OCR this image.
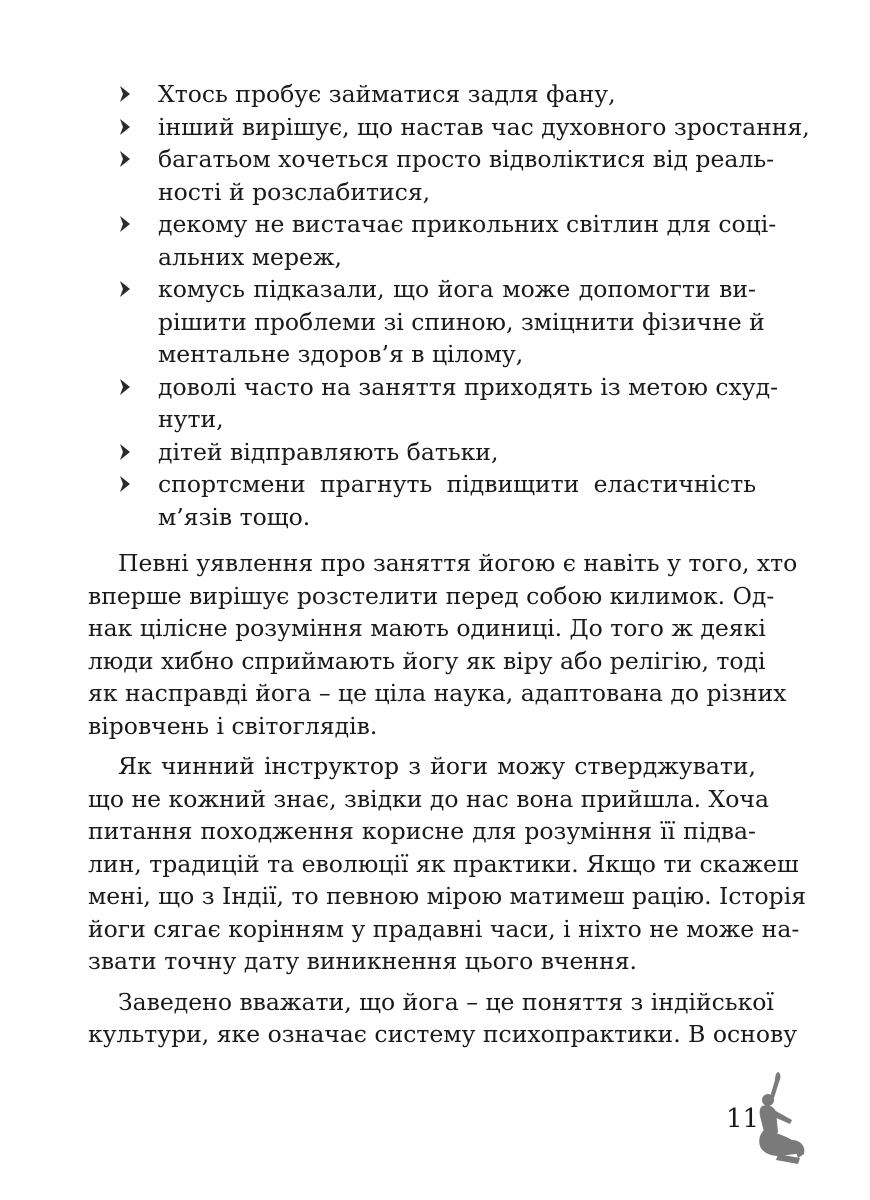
Хтось пробує займатися задля фану,
інший вирішує, що настав час духовного зростання,
багатьом хочеться просто відволіктися від реаль-
ності й розслабитися,
декому не вистачає прикольних світлин для соці-
альних мереж,
комусь підказали, що йога може допомогти ви-
рішити проблеми зі спиною, зміцнити фізичне й
ментальне здоров’я в цілому,
доволі часто на заняття приходять із метою схуд-
нути,
дітей відправляють батьки,
спортсмени прагнуть підвищити еластичність
м’язів тощо.

Певні уявлення про заняття йогою є навіть у того, хто
вперше вирішує розстелити перед собою килимок. Од-
нак цілісне розуміння мають одиниці. До того ж деякі
люди хибно сприймають йогу як віру або релігію, тоді
як насправді йога – це ціла наука, адаптована до різних
віровчень і світоглядів.

Як чинний інструктор з йоги можу стверджувати,
що не кожний знає, звідки до нас вона прийшла. Хоча
питання походження корисне для розуміння її підва-
лин, традицій та еволюції як практики. Якщо ти скажеш
мені, що з Індії, то певною мірою матимеш рацію. Історія
йоги сягає корінням у прадавні часи, і ніхто не може на-
звати точну дату виникнення цього вчення.

Заведено вважати, що йога – це поняття з індійської
культури, яке означає систему психопрактики. В основу

11
